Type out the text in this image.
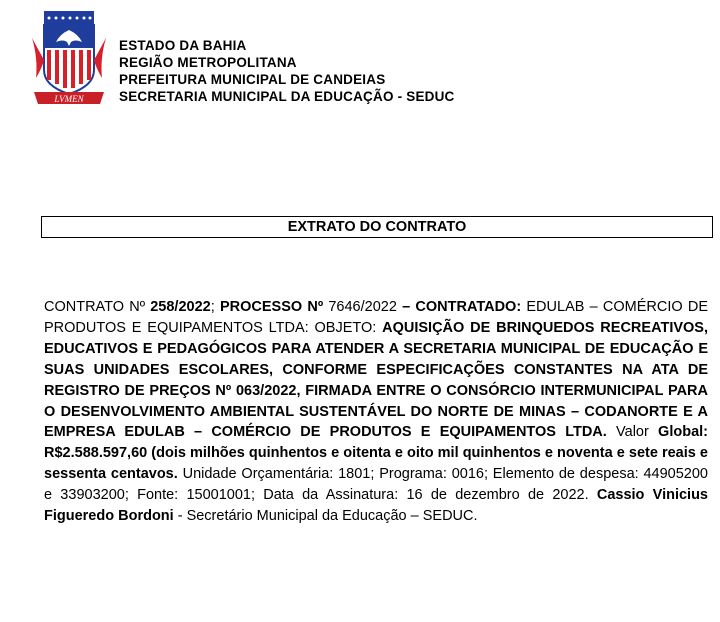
LVMEN
ESTADO DA BAHIA
REGIÃO METROPOLITANA
PREFEITURA MUNICIPAL DE CANDEIAS
SECRETARIA MUNICIPAL DA EDUCAÇÃO - SEDUC
EXTRATO DO CONTRATO
CONTRATO Nº 258/2022; PROCESSO Nº 7646/2022 – CONTRATADO: EDULAB – COMÉRCIO DE PRODUTOS E EQUIPAMENTOS LTDA: OBJETO: AQUISIÇÃO DE BRINQUEDOS RECREATIVOS, EDUCATIVOS E PEDAGÓGICOS PARA ATENDER A SECRETARIA MUNICIPAL DE EDUCAÇÃO E SUAS UNIDADES ESCOLARES, CONFORME ESPECIFICAÇÕES CONSTANTES NA ATA DE REGISTRO DE PREÇOS Nº 063/2022, FIRMADA ENTRE O CONSÓRCIO INTERMUNICIPAL PARA O DESENVOLVIMENTO AMBIENTAL SUSTENTÁVEL DO NORTE DE MINAS – CODANORTE E A EMPRESA EDULAB – COMÉRCIO DE PRODUTOS E EQUIPAMENTOS LTDA. Valor Global: R$2.588.597,60 (dois milhões quinhentos e oitenta e oito mil quinhentos e noventa e sete reais e sessenta centavos. Unidade Orçamentária: 1801; Programa: 0016; Elemento de despesa: 44905200 e 33903200; Fonte: 15001001; Data da Assinatura: 16 de dezembro de 2022. Cassio Vinicius Figueredo Bordoni - Secretário Municipal da Educação – SEDUC.
